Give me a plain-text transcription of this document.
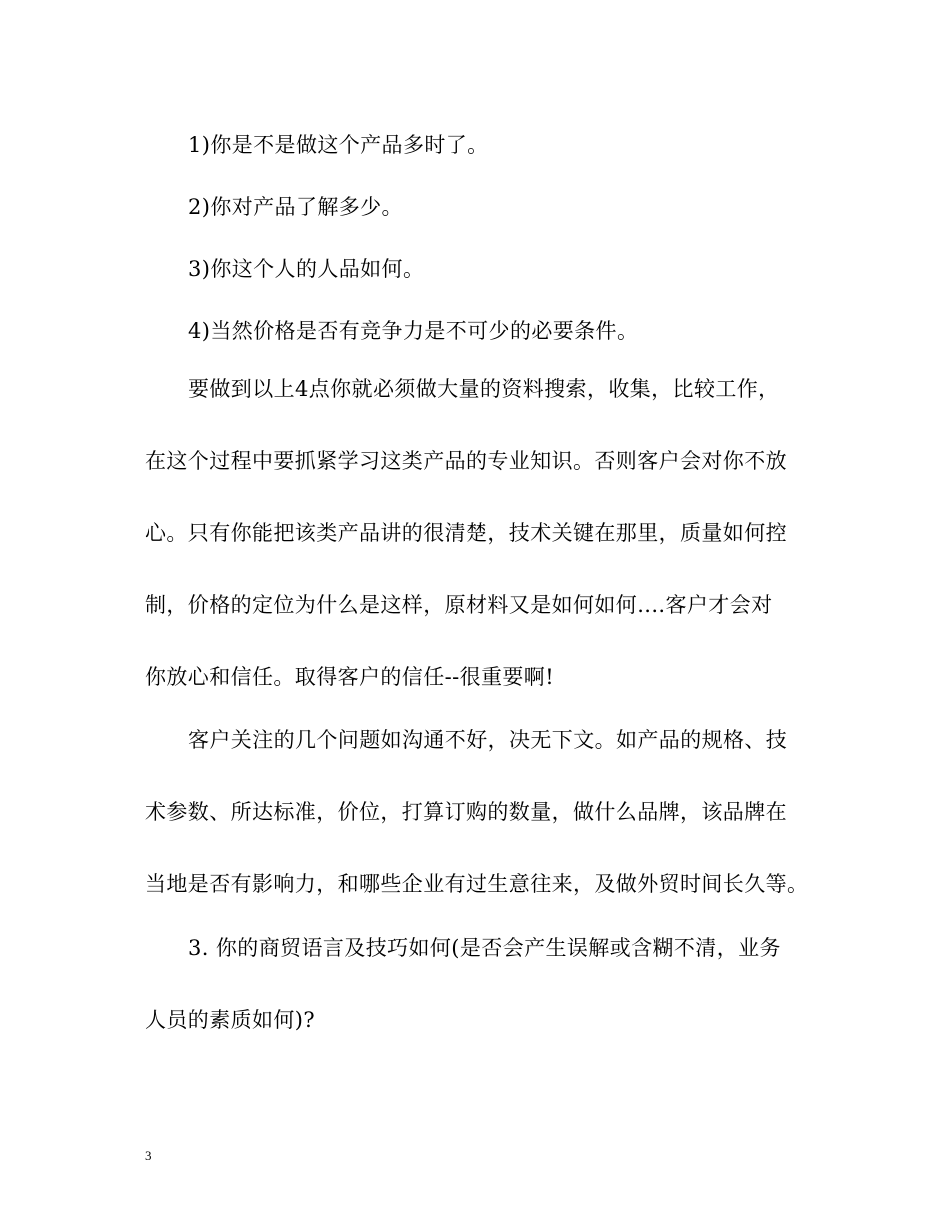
1)你是不是做这个产品多时了。
2)你对产品了解多少。
3)你这个人的人品如何。
4)当然价格是否有竞争力是不可少的必要条件。
要做到以上4点你就必须做大量的资料搜索，收集，比较工作，
在这个过程中要抓紧学习这类产品的专业知识。否则客户会对你不放
心。只有你能把该类产品讲的很清楚，技术关键在那里，质量如何控
制，价格的定位为什么是这样，原材料又是如何如何....客户才会对
你放心和信任。取得客户的信任--很重要啊!
客户关注的几个问题如沟通不好，决无下文。如产品的规格、技
术参数、所达标准，价位，打算订购的数量，做什么品牌，该品牌在
当地是否有影响力，和哪些企业有过生意往来，及做外贸时间长久等。
3. 你的商贸语言及技巧如何(是否会产生误解或含糊不清，业务
人员的素质如何)?
3
